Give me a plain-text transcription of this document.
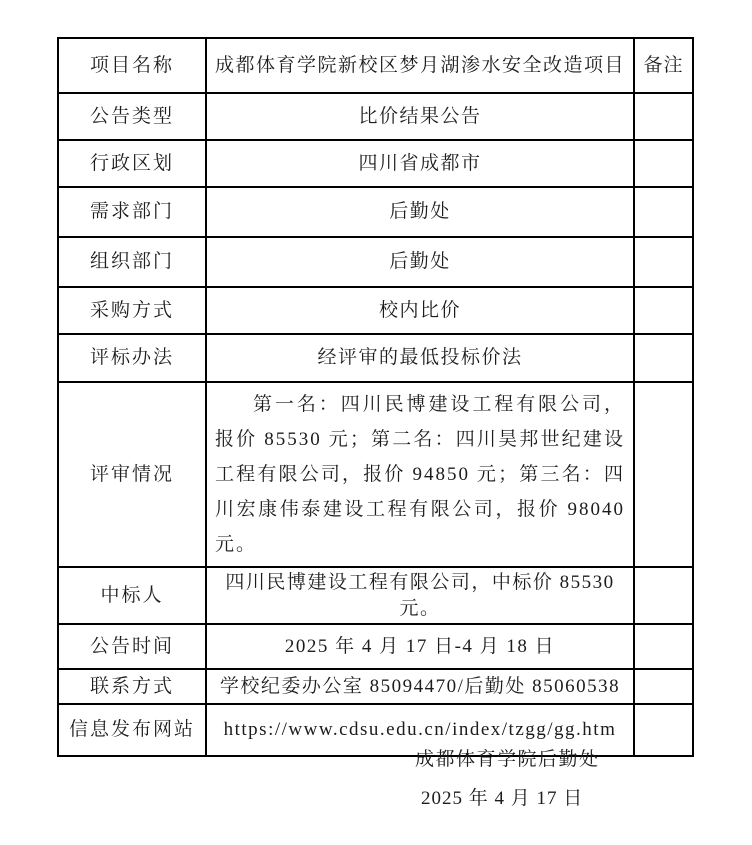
项目名称	成都体育学院新校区梦月湖渗水安全改造项目	备注
公告类型	比价结果公告	
行政区划	四川省成都市	
需求部门	后勤处	
组织部门	后勤处	
采购方式	校内比价	
评标办法	经评审的最低投标价法	
评审情况	第一名：四川民博建设工程有限公司，报价 85530 元；第二名：四川昊邦世纪建设工程有限公司，报价 94850 元；第三名：四川宏康伟泰建设工程有限公司，报价 98040 元。	
中标人	四川民博建设工程有限公司，中标价 85530 元。	
公告时间	2025 年 4 月 17 日-4 月 18 日	
联系方式	学校纪委办公室 85094470/后勤处 85060538	
信息发布网站	https://www.cdsu.edu.cn/index/tzgg/gg.htm	
成都体育学院后勤处
2025 年 4 月 17 日
